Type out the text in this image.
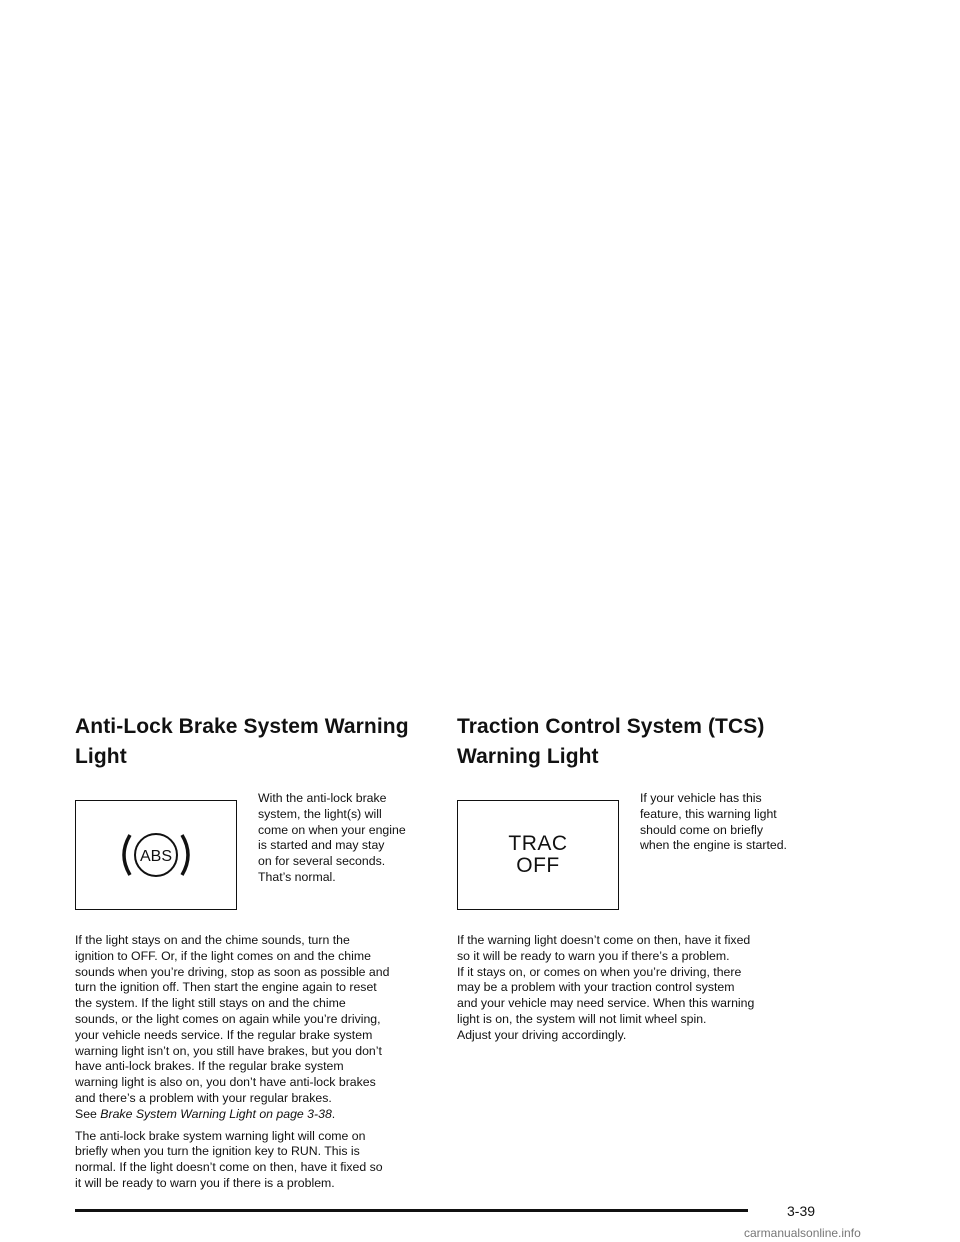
Anti-Lock Brake System Warning
Light
ABS

With the anti-lock brake
system, the light(s) will
come on when your engine
is started and may stay
on for several seconds.
That’s normal.

If the light stays on and the chime sounds, turn the
ignition to OFF. Or, if the light comes on and the chime
sounds when you’re driving, stop as soon as possible and
turn the ignition off. Then start the engine again to reset
the system. If the light still stays on and the chime
sounds, or the light comes on again while you’re driving,
your vehicle needs service. If the regular brake system
warning light isn’t on, you still have brakes, but you don’t
have anti-lock brakes. If the regular brake system
warning light is also on, you don’t have anti-lock brakes
and there’s a problem with your regular brakes.
See Brake System Warning Light on page 3-38.

The anti-lock brake system warning light will come on
briefly when you turn the ignition key to RUN. This is
normal. If the light doesn’t come on then, have it fixed so
it will be ready to warn you if there is a problem.

Traction Control System (TCS)
Warning Light
TRAC
OFF

If your vehicle has this
feature, this warning light
should come on briefly
when the engine is started.

If the warning light doesn’t come on then, have it fixed
so it will be ready to warn you if there’s a problem.
If it stays on, or comes on when you’re driving, there
may be a problem with your traction control system
and your vehicle may need service. When this warning
light is on, the system will not limit wheel spin.
Adjust your driving accordingly.

3-39
carmanualsonline.info
